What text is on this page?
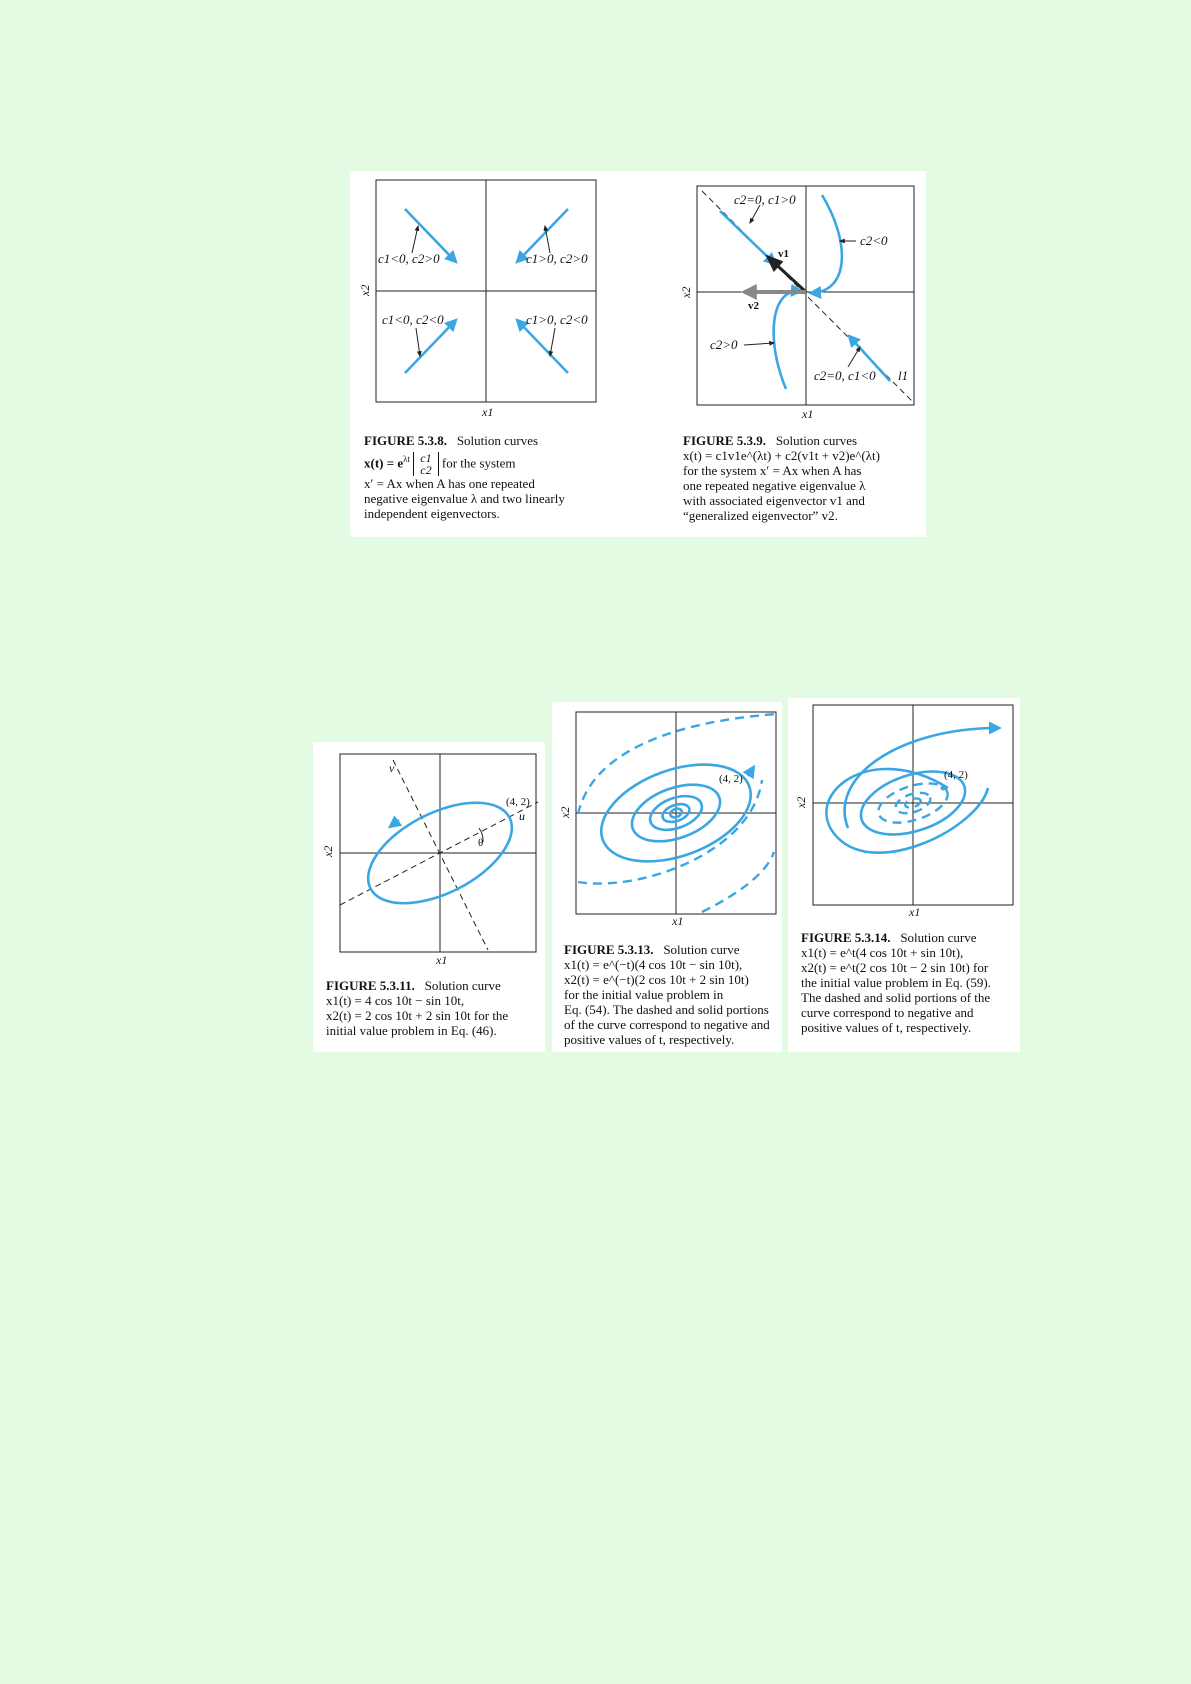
c1<0, c2>0	c1>0, c2>0
c1<0, c2<0	c1>0, c2<0
x1
x2
FIGURE 5.3.8. Solution curves
$x(t) = e^{\lambda t}$ c1
c2
for the system
x′ = Ax when A has one repeated
negative eigenvalue λ and two linearly
independent eigenvectors.
c2=0, c1>0
c2<0
c2>0
c2=0, c1<0 l1
v1
v2
x1
x2
FIGURE 5.3.9. Solution curves
x(t) = c1v1e^(λt) + c2(v1t + v2)e^(λt)
for the system x′ = Ax when A has
one repeated negative eigenvalue λ
with associated eigenvector v1 and
“generalized eigenvector” v2.
(4, 2)
u
v
θ
x1
x2
FIGURE 5.3.11. Solution curve
x1(t) = 4 cos 10t − sin 10t,
x2(t) = 2 cos 10t + 2 sin 10t for the
initial value problem in Eq. (46).
(4, 2)
x1
x2
FIGURE 5.3.13. Solution curve
x1(t) = e^(−t)(4 cos 10t − sin 10t),
x2(t) = e^(−t)(2 cos 10t + 2 sin 10t)
for the initial value problem in
Eq. (54). The dashed and solid portions
of the curve correspond to negative and
positive values of t, respectively.
(4, 2)
x1
x2
FIGURE 5.3.14. Solution curve
x1(t) = e^t(4 cos 10t + sin 10t),
x2(t) = e^t(2 cos 10t − 2 sin 10t) for
the initial value problem in Eq. (59).
The dashed and solid portions of the
curve correspond to negative and
positive values of t, respectively.
